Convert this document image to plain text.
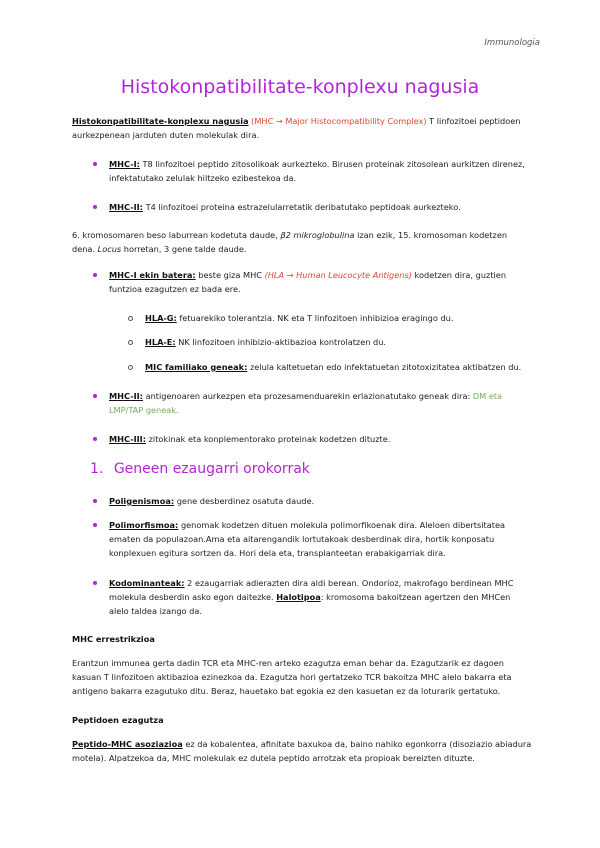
Immunologia
Histokonpatibilitate-konplexu nagusia
Histokonpatibilitate-konplexu nagusia (MHC → Major Histocompatibility Complex) T linfozitoei peptidoen aurkezpenean jarduten duten molekulak dira.
MHC-I: T8 linfozitoei peptido zitosolikoak aurkezteko. Birusen proteinak zitosolean aurkitzen direnez, infektatutako zelulak hiltzeko ezibestekoa da.
MHC-II: T4 linfozitoei proteina estrazelularretatik deribatutako peptidoak aurkezteko.
6. kromosomaren beso laburrean kodetuta daude, β2 mikroglobulina izan ezik, 15. kromosoman kodetzen dena. Locus horretan, 3 gene talde daude.
MHC-I ekin batera: beste giza MHC (HLA → Human Leucocyte Antigens) kodetzen dira, guztien funtzioa ezagutzen ez bada ere.
HLA-G: fetuarekiko tolerantzia. NK eta T linfozitoen inhibizioa eragingo du.
HLA-E: NK linfozitoen inhibizio-aktibazioa kontrolatzen du.
MIC familiako geneak: zelula kaltetuetan edo infektatuetan zitotoxizitatea aktibatzen du.
MHC-II: antigenoaren aurkezpen eta prozesamenduarekin erlazionatutako geneak dira: DM eta LMP/TAP geneak.
MHC-III: zitokinak eta konplementorako proteinak kodetzen dituzte.
1. Geneen ezaugarri orokorrak
Poligenismoa: gene desberdinez osatuta daude.
Polimorfismoa: genomak kodetzen dituen molekula polimorfikoenak dira. Aleloen dibertsitatea ematen da populazoan.Ama eta aitarengandik lortutakoak desberdinak dira, hortik konposatu konplexuen egitura sortzen da. Hori dela eta, transplanteetan erabakigarriak dira.
Kodominanteak: 2 ezaugarriak adierazten dira aldi berean. Ondorioz, makrofago berdinean MHC molekula desberdin asko egon daitezke. Halotipoa: kromosoma bakoitzean agertzen den MHCen alelo taldea izango da.
MHC errestrikzioa
Erantzun immunea gerta dadin TCR eta MHC-ren arteko ezagutza eman behar da. Ezagutzarik ez dagoen kasuan T linfozitoen aktibazioa ezinezkoa da. Ezagutza hori gertatzeko TCR bakoitza MHC alelo bakarra eta antigeno bakarra ezagutuko ditu. Beraz, hauetako bat egokia ez den kasuetan ez da loturarik gertatuko.
Peptidoen ezagutza
Peptido-MHC asoziazioa ez da kobalentea, afinitate baxukoa da, baino nahiko egonkorra (disoziazio abiadura motela). Alpatzekoa da, MHC molekulak ez dutela peptido arrotzak eta propioak bereizten dituzte.
